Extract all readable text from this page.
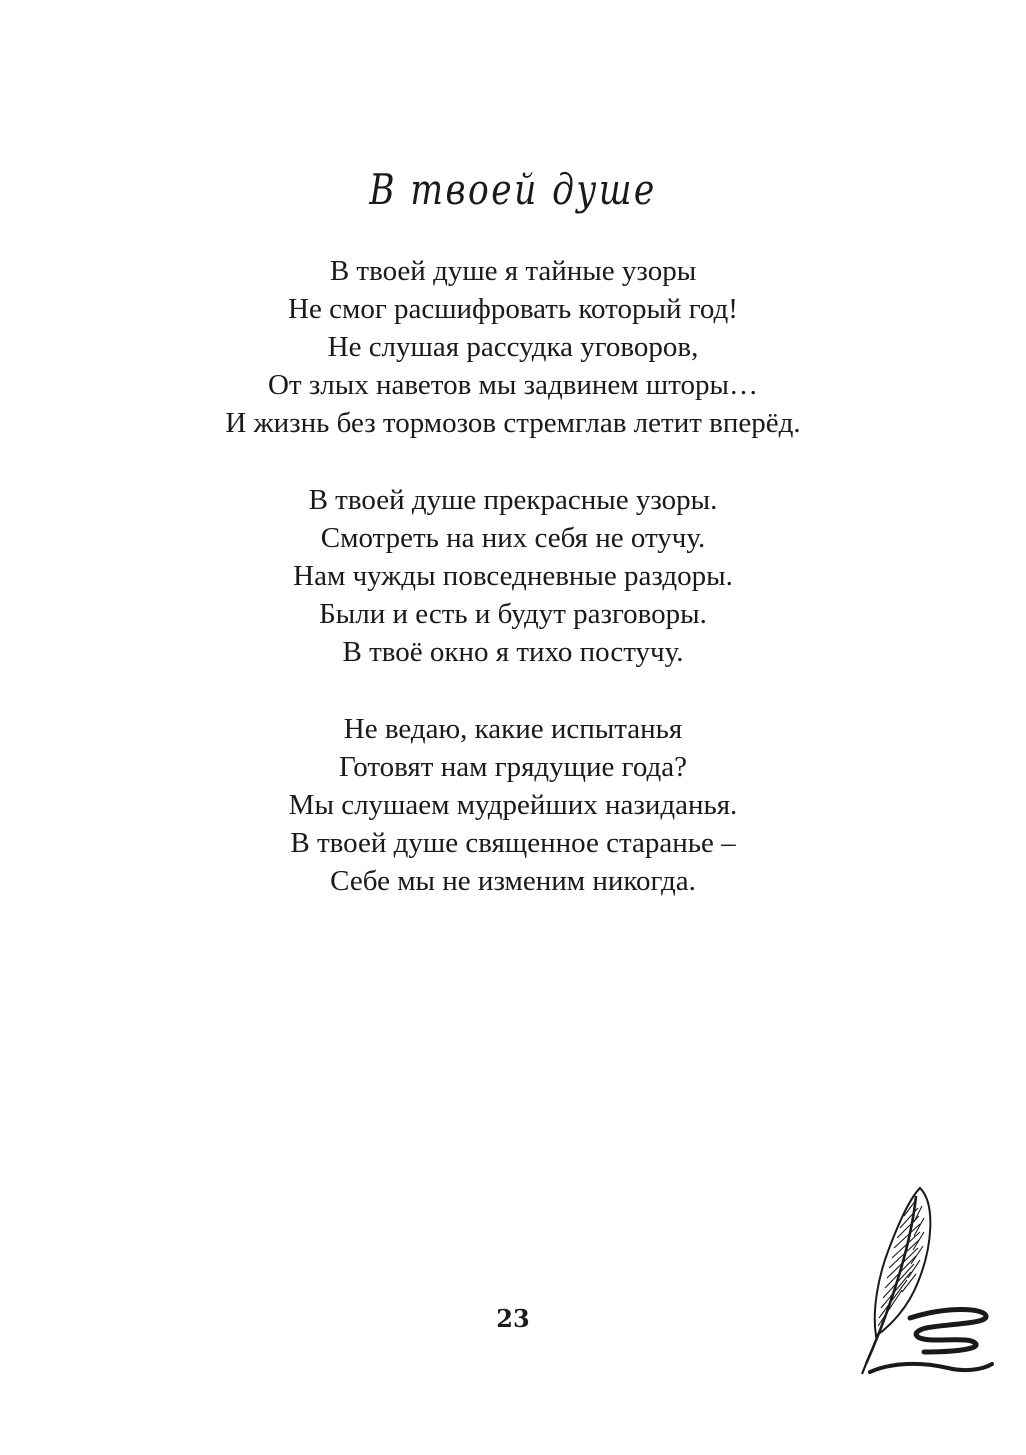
В твоей душе
В твоей душе я тайные узоры
Не смог расшифровать который год!
Не слушая рассудка уговоров,
От злых наветов мы задвинем шторы…
И жизнь без тормозов стремглав летит вперёд.
В твоей душе прекрасные узоры.
Смотреть на них себя не отучу.
Нам чужды повседневные раздоры.
Были и есть и будут разговоры.
В твоё окно я тихо постучу.
Не ведаю, какие испытанья
Готовят нам грядущие года?
Мы слушаем мудрейших назиданья.
В твоей душе священное старанье –
Себе мы не изменим никогда.
23
